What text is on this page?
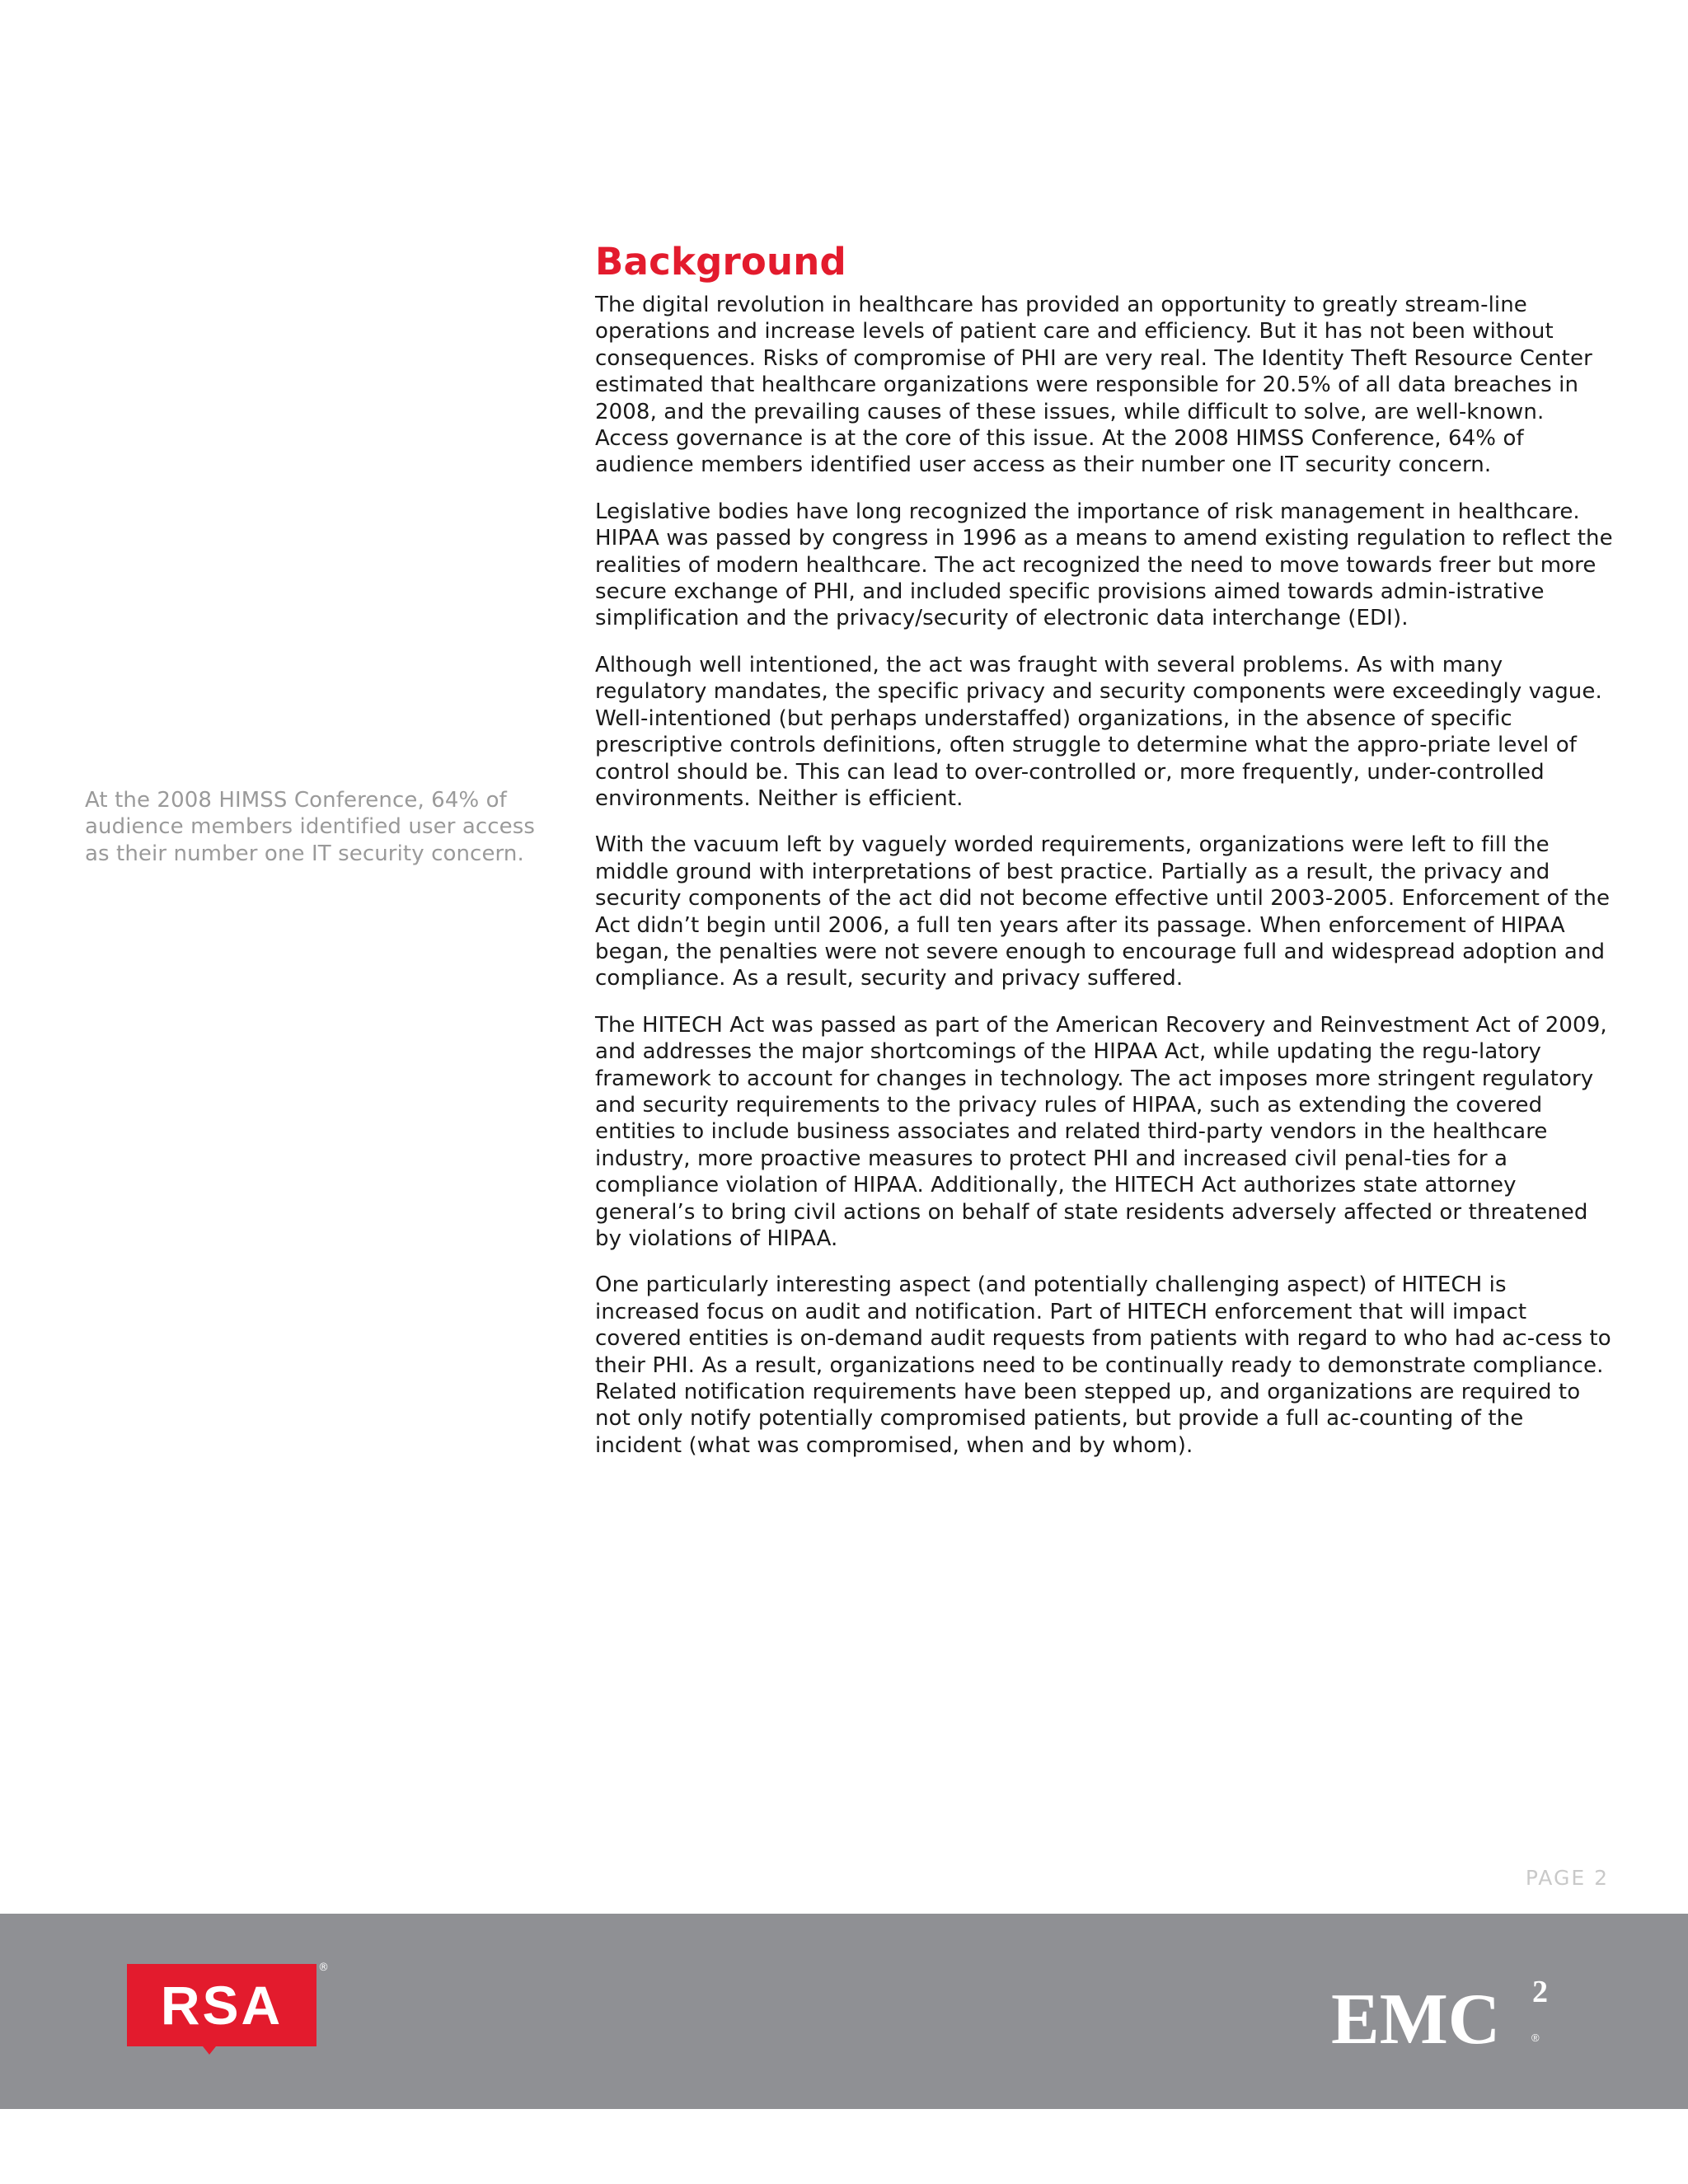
At the 2008 HIMSS Conference, 64% of audience members identified user access as their number one IT security concern.
Background

The digital revolution in healthcare has provided an opportunity to greatly stream-line operations and increase levels of patient care and efficiency. But it has not been without consequences. Risks of compromise of PHI are very real. The Identity Theft Resource Center estimated that healthcare organizations were responsible for 20.5% of all data breaches in 2008, and the prevailing causes of these issues, while difficult to solve, are well-known. Access governance is at the core of this issue. At the 2008 HIMSS Conference, 64% of audience members identified user access as their number one IT security concern.

Legislative bodies have long recognized the importance of risk management in healthcare. HIPAA was passed by congress in 1996 as a means to amend existing regulation to reflect the realities of modern healthcare. The act recognized the need to move towards freer but more secure exchange of PHI, and included specific provisions aimed towards admin-istrative simplification and the privacy/security of electronic data interchange (EDI).

Although well intentioned, the act was fraught with several problems. As with many regulatory mandates, the specific privacy and security components were exceedingly vague. Well-intentioned (but perhaps understaffed) organizations, in the absence of specific prescriptive controls definitions, often struggle to determine what the appro-priate level of control should be. This can lead to over-controlled or, more frequently, under-controlled environments. Neither is efficient.

With the vacuum left by vaguely worded requirements, organizations were left to fill the middle ground with interpretations of best practice. Partially as a result, the privacy and security components of the act did not become effective until 2003-2005. Enforcement of the Act didn’t begin until 2006, a full ten years after its passage. When enforcement of HIPAA began, the penalties were not severe enough to encourage full and widespread adoption and compliance. As a result, security and privacy suffered.

The HITECH Act was passed as part of the American Recovery and Reinvestment Act of 2009, and addresses the major shortcomings of the HIPAA Act, while updating the regu-latory framework to account for changes in technology. The act imposes more stringent regulatory and security requirements to the privacy rules of HIPAA, such as extending the covered entities to include business associates and related third-party vendors in the healthcare industry, more proactive measures to protect PHI and increased civil penal-ties for a compliance violation of HIPAA. Additionally, the HITECH Act authorizes state attorney general’s to bring civil actions on behalf of state residents adversely affected or threatened by violations of HIPAA.

One particularly interesting aspect (and potentially challenging aspect) of HITECH is increased focus on audit and notification. Part of HITECH enforcement that will impact covered entities is on-demand audit requests from patients with regard to who had ac-cess to their PHI. As a result, organizations need to be continually ready to demonstrate compliance. Related notification requirements have been stepped up, and organizations are required to not only notify potentially compromised patients, but provide a full ac-counting of the incident (what was compromised, when and by whom).

PAGE 2
RSA
®
EMC 2
®
